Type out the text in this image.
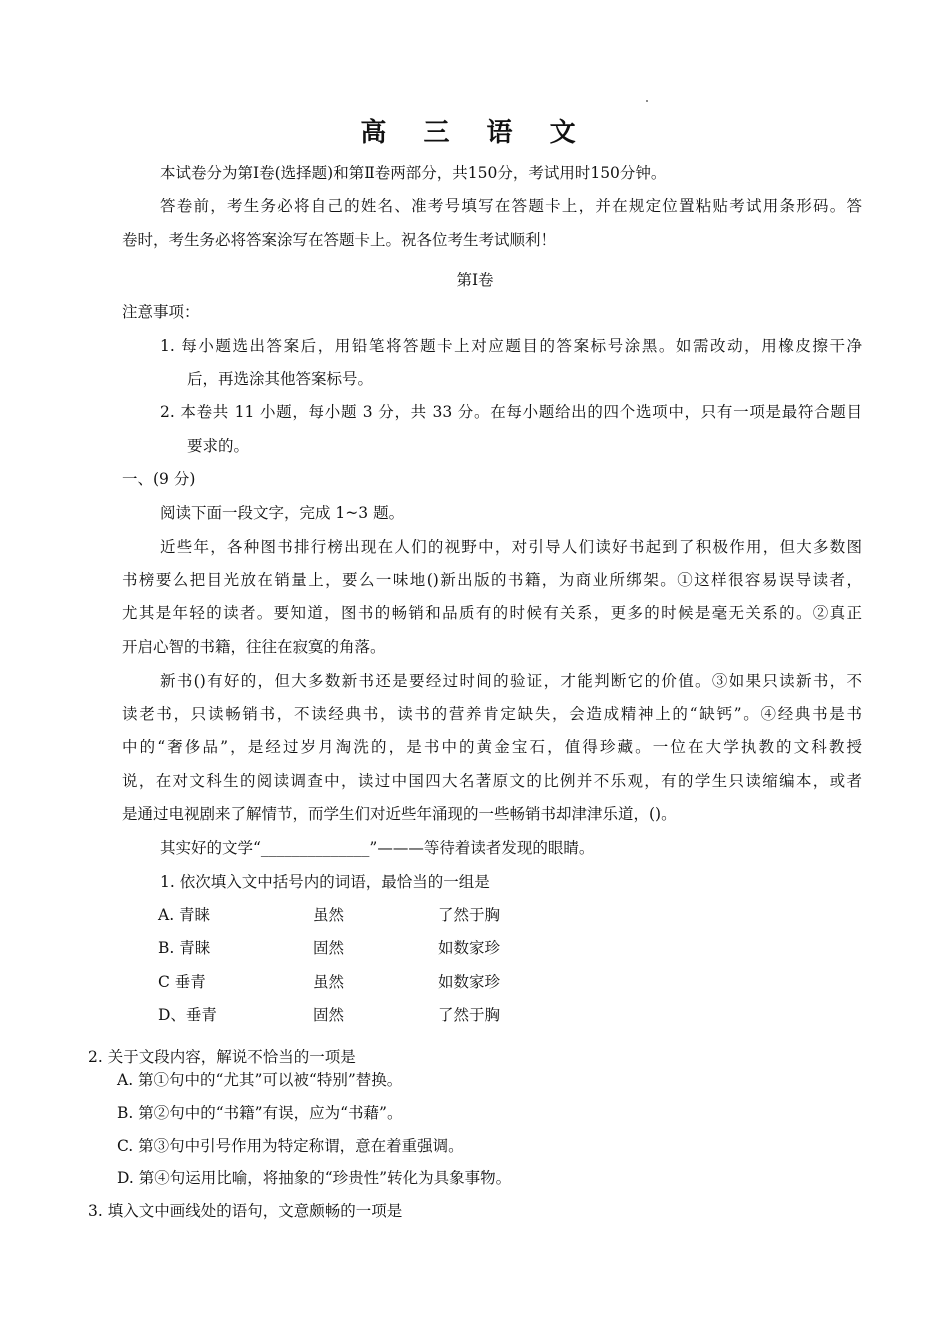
高 三 语 文
本试卷分为第Ⅰ卷(选择题)和第Ⅱ卷两部分，共150分，考试用时150分钟。
答卷前，考生务必将自己的姓名、准考号填写在答题卡上，并在规定位置粘贴考试用条形码。答
卷时，考生务必将答案涂写在答题卡上。祝各位考生考试顺利！
第Ⅰ卷
注意事项：
1. 每小题选出答案后，用铅笔将答题卡上对应题目的答案标号涂黑。如需改动，用橡皮擦干净
后，再选涂其他答案标号。
2. 本卷共 11 小题，每小题 3 分，共 33 分。在每小题给出的四个选项中，只有一项是最符合题目
要求的。
一、(9 分)
阅读下面一段文字，完成 1~3 题。
近些年，各种图书排行榜出现在人们的视野中，对引导人们读好书起到了积极作用，但大多数图
书榜要么把目光放在销量上，要么一味地()新出版的书籍，为商业所绑架。①这样很容易误导读者，
尤其是年轻的读者。要知道，图书的畅销和品质有的时候有关系，更多的时候是毫无关系的。②真正
开启心智的书籍，往往在寂寞的角落。
新书()有好的，但大多数新书还是要经过时间的验证，才能判断它的价值。③如果只读新书，不
读老书，只读畅销书，不读经典书，读书的营养肯定缺失，会造成精神上的“缺钙”。④经典书是书
中的“奢侈品”，是经过岁月淘洗的，是书中的黄金宝石，值得珍藏。一位在大学执教的文科教授
说，在对文科生的阅读调查中，读过中国四大名著原文的比例并不乐观，有的学生只读缩编本，或者
是通过电视剧来了解情节，而学生们对近些年涌现的一些畅销书却津津乐道，()。
其实好的文学“______________”———等待着读者发现的眼睛。
1. 依次填入文中括号内的词语，最恰当的一组是
A. 青睐	虽然	了然于胸
B. 青睐	固然	如数家珍
C 垂青	虽然	如数家珍
D、垂青	固然	了然于胸
2. 关于文段内容，解说不恰当的一项是
A. 第①句中的“尤其”可以被“特别”替换。
B. 第②句中的“书籍”有误，应为“书藉”。
C. 第③句中引号作用为特定称谓，意在着重强调。
D. 第④句运用比喻，将抽象的“珍贵性”转化为具象事物。
3. 填入文中画线处的语句，文意颇畅的一项是
